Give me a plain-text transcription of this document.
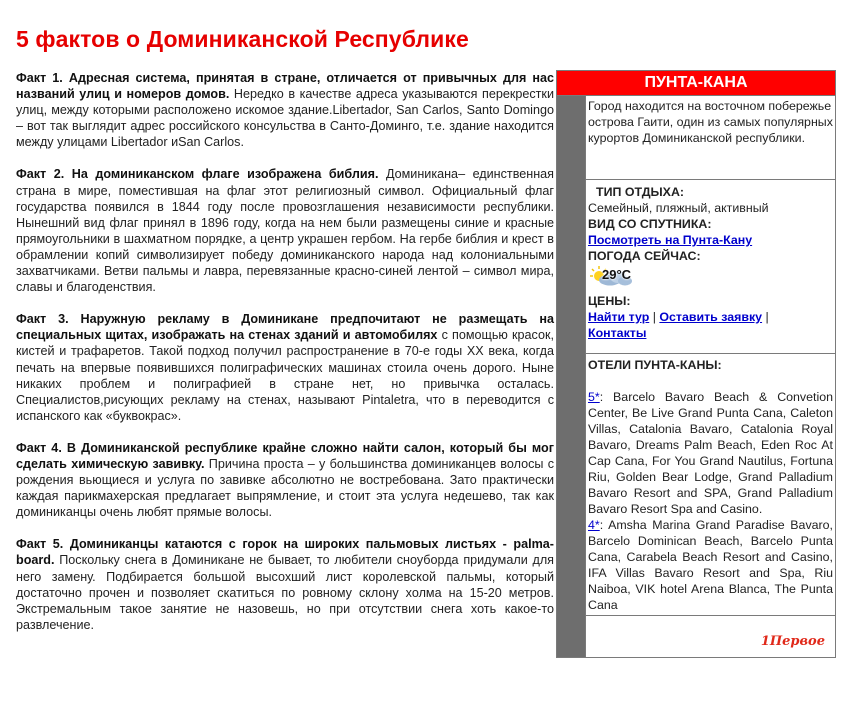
5 фактов о Доминиканской Республике

Факт 1. Адресная система, принятая в стране, отличается от привычных для нас названий улиц и номеров домов. Нередко в качестве адреса указываются перекрестки улиц, между которыми расположено искомое здание.Libertador, San Carlos, Santo Domingo – вот так выглядит адрес российского консульства в Санто-Доминго, т.е. здание находится между улицами Libertador иSan Carlos.

Факт 2. На доминиканском флаге изображена библия. Доминикана– единственная страна в мире, поместившая на флаг этот религиозный символ. Официальный флаг государства появился в 1844 году после провозглашения независимости республики. Нынешний вид флаг принял в 1896 году, когда на нем были размещены синие и красные прямоугольники в шахматном порядке, а центр украшен гербом. На гербе библия и крест в обрамлении копий символизирует победу доминиканского народа над колониальными захватчиками. Ветви пальмы и лавра, перевязанные красно-синей лентой – символ мира, славы и благоденствия.

Факт 3. Наружную рекламу в Доминикане предпочитают не размещать на специальных щитах, изображать на стенах зданий и автомобилях с помощью красок, кистей и трафаретов. Такой подход получил распространение в 70-е годы XX века, когда печать на впервые появившихся полиграфических машинах стоила очень дорого. Ныне никаких проблем и полиграфией в стране нет, но привычка осталась. Специалистов,рисующих рекламу на стенах, называют Pintaletra, что в переводится с испанского как «буквокрас».

Факт 4. В Доминиканской республике крайне сложно найти салон, который бы мог сделать химическую завивку. Причина проста – у большинства доминиканцев волосы с рождения вьющиеся и услуга по завивке абсолютно не востребована. Зато практически каждая парикмахерская предлагает выпрямление, и стоит эта услуга недешево, так как доминиканцы очень любят прямые волосы.

Факт 5. Доминиканцы катаются с горок на широких пальмовых листьях - palma-board. Поскольку снега в Доминикане не бывает, то любители сноуборда придумали для него замену. Подбирается большой высохший лист королевской пальмы, который достаточно прочен и позволяет скатиться по ровному склону холма на 15-20 метров. Экстремальным такое занятие не назовешь, но при отсутствии снега хоть какое-то развлечение.

ПУНТА-КАНА
Город находится на восточном побережье острова Гаити, один из самых популярных курортов Доминиканской республики.
ТИП ОТДЫХА:
Семейный, пляжный, активный
ВИД СО СПУТНИКА:
Посмотреть на Пунта-Кану
ПОГОДА СЕЙЧАС:
29°C
ЦЕНЫ:
Найти тур | Оставить заявку |
Контакты
ОТЕЛИ ПУНТА-КАНЫ:
5*: Barcelo Bavaro Beach & Convetion Center, Be Live Grand Punta Cana, Caleton Villas, Catalonia Bavaro, Catalonia Royal Bavaro, Dreams Palm Beach, Eden Roc At Cap Cana, For You Grand Nautilus, Fortuna Riu, Golden Bear Lodge, Grand Palladium Bavaro Resort and SPA, Grand Palladium Bavaro Resort Spa and Casino.
4*: Amsha Marina Grand Paradise Bavaro, Barcelo Dominican Beach, Barcelo Punta Cana, Carabela Beach Resort and Casino, IFA Villas Bavaro Resort and Spa, Riu Naiboa, VIK hotel Arena Blanca, The Punta Cana
1Первое
